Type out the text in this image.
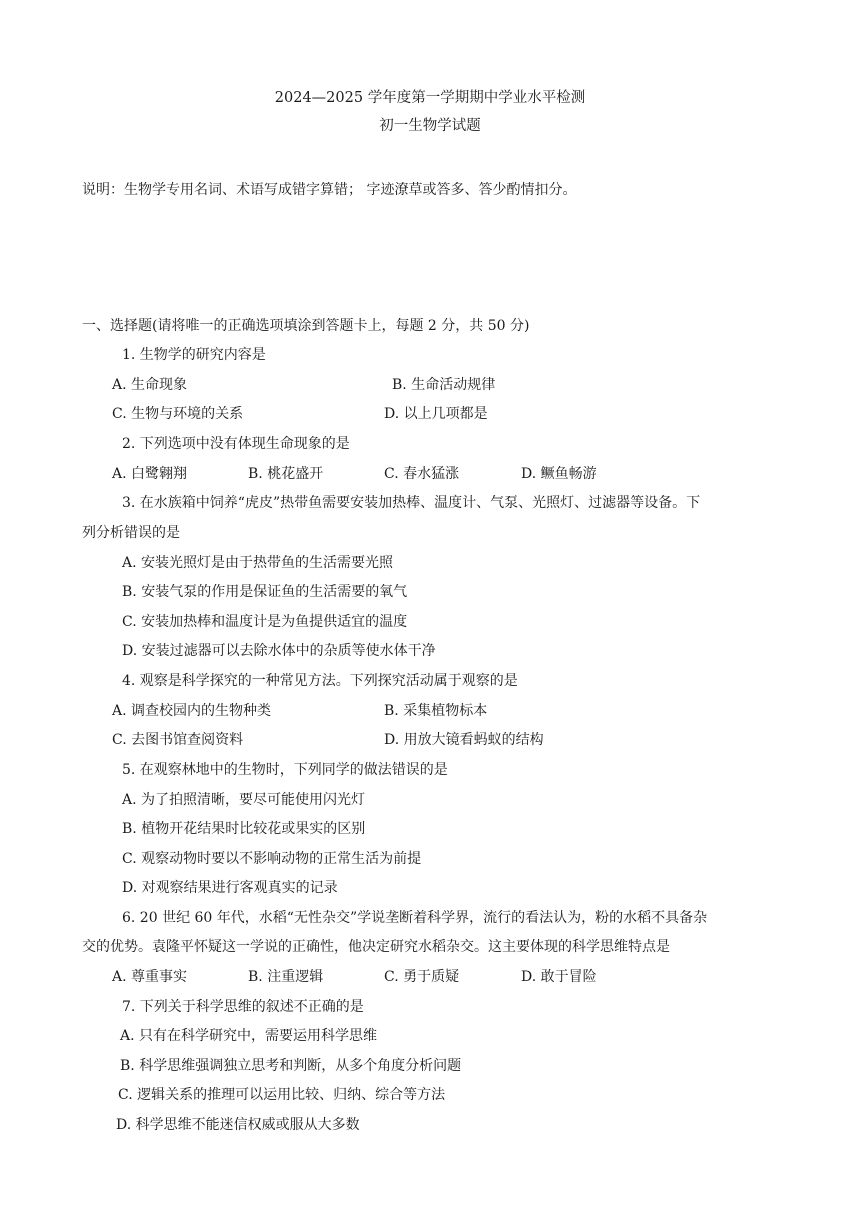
2024—2025 学年度第一学期期中学业水平检测
初一生物学试题
说明：生物学专用名词、术语写成错字算错； 字迹潦草或答多、答少酌情扣分。
一、选择题(请将唯一的正确选项填涂到答题卡上，每题 2 分，共 50 分)
1. 生物学的研究内容是
A. 生命现象	B. 生命活动规律
C. 生物与环境的关系	D. 以上几项都是
2. 下列选项中没有体现生命现象的是
A. 白鹭翱翔	B. 桃花盛开	C. 春水猛涨	D. 鳜鱼畅游
3. 在水族箱中饲养“虎皮”热带鱼需要安装加热棒、温度计、气泵、光照灯、过滤器等设备。下
列分析错误的是
A. 安装光照灯是由于热带鱼的生活需要光照
B. 安装气泵的作用是保证鱼的生活需要的氧气
C. 安装加热棒和温度计是为鱼提供适宜的温度
D. 安装过滤器可以去除水体中的杂质等使水体干净
4. 观察是科学探究的一种常见方法。下列探究活动属于观察的是
A. 调查校园内的生物种类	B. 采集植物标本
C. 去图书馆查阅资料	D. 用放大镜看蚂蚁的结构
5. 在观察林地中的生物时，下列同学的做法错误的是
A. 为了拍照清晰，要尽可能使用闪光灯
B. 植物开花结果时比较花或果实的区别
C. 观察动物时要以不影响动物的正常生活为前提
D. 对观察结果进行客观真实的记录
6. 20 世纪 60 年代，水稻“无性杂交”学说垄断着科学界，流行的看法认为，粉的水稻不具备杂
交的优势。袁隆平怀疑这一学说的正确性，他决定研究水稻杂交。这主要体现的科学思维特点是
A. 尊重事实	B. 注重逻辑	C. 勇于质疑	D. 敢于冒险
7. 下列关于科学思维的叙述不正确的是
A. 只有在科学研究中，需要运用科学思维
B. 科学思维强调独立思考和判断，从多个角度分析问题
C. 逻辑关系的推理可以运用比较、归纳、综合等方法
D. 科学思维不能迷信权威或服从大多数
